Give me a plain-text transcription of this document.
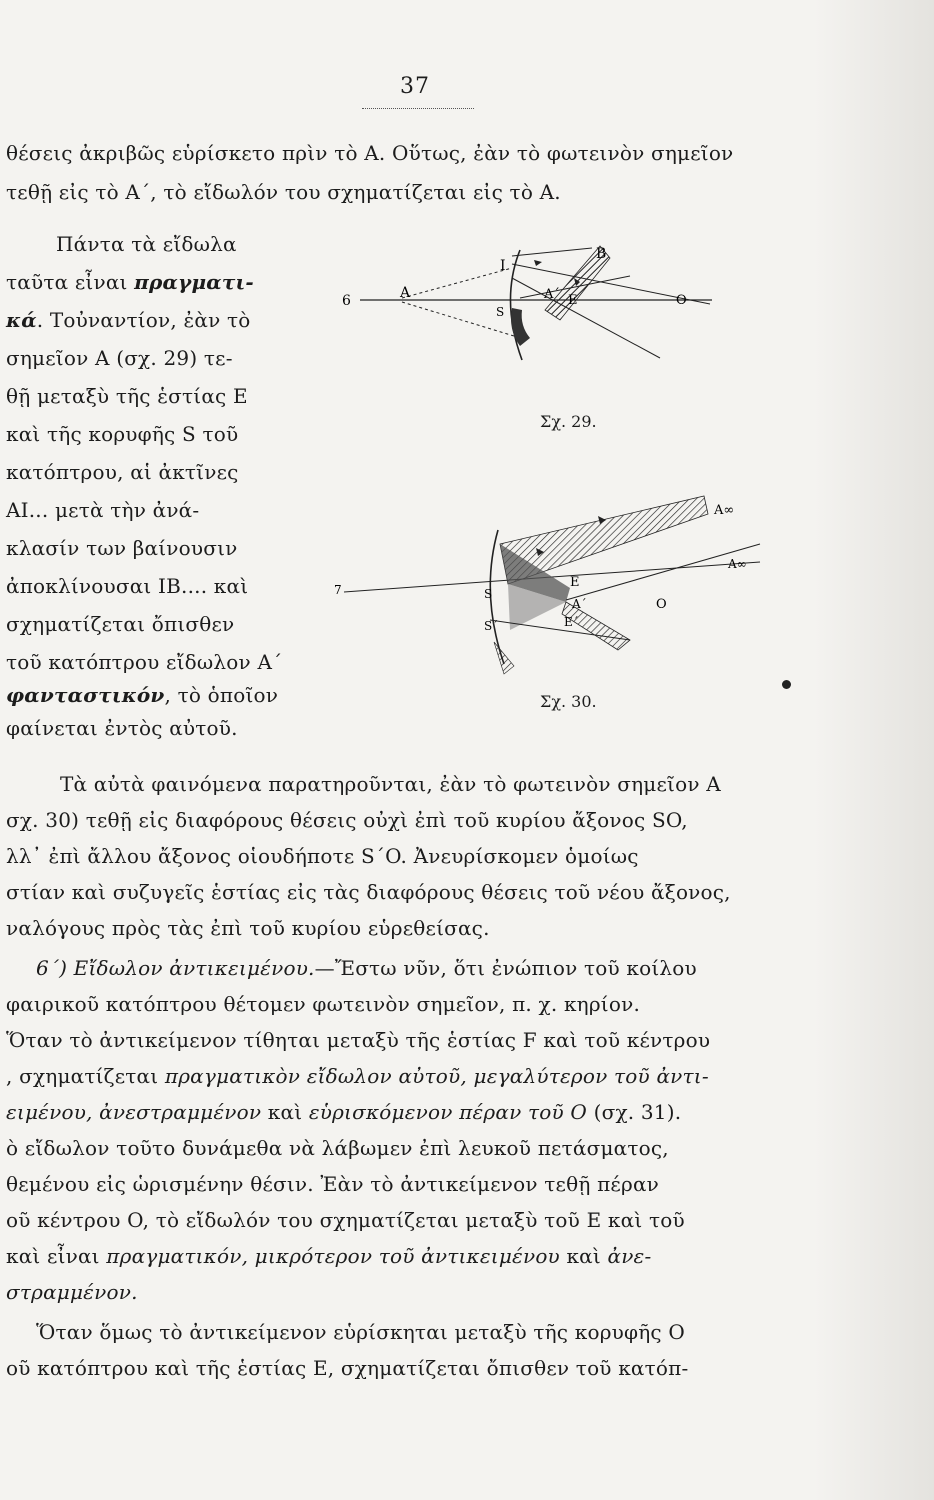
37

θέσεις ἀκριβῶς εὑρίσκετο πρὶν τὸ A. Οὕτως, ἐὰν τὸ φωτεινὸν σημεῖον

τεθῇ εἰς τὸ A΄, τὸ εἴδωλόν του σχηματίζεται εἰς τὸ A.

Πάντα τὰ εἴδωλα

ταῦτα εἶναι πραγματι-

κά. Τοὐναντίον, ἐὰν τὸ

σημεῖον A (σχ. 29) τε-

θῇ μεταξὺ τῆς ἑστίας E

καὶ τῆς κορυφῆς S τοῦ

κατόπτρου, αἱ ἀκτῖνες

AI... μετὰ τὴν ἀνά-

κλασίν των βαίνουσιν

ἀποκλίνουσαι IB.... καὶ

σχηματίζεται ὄπισθεν

τοῦ κατόπτρου εἴδωλον A΄

φανταστικόν, τὸ ὁποῖον

φαίνεται ἐντὸς αὐτοῦ.

6	A
I
B
A΄ E	O
S
Σχ. 29.
7
A∞
A∞
E
S
S΄
A΄
E΄
O
Σχ. 30.

Τὰ αὐτὰ φαινόμενα παρατηροῦνται, ἐὰν τὸ φωτεινὸν σημεῖον A

σχ. 30) τεθῇ εἰς διαφόρους θέσεις οὐχὶ ἐπὶ τοῦ κυρίου ἄξονος SO,

λλ᾽ ἐπὶ ἄλλου ἄξονος οἱουδήποτε S΄O. Ἀνευρίσκομεν ὁμοίως

στίαν καὶ συζυγεῖς ἑστίας εἰς τὰς διαφόρους θέσεις τοῦ νέου ἄξονος,

ναλόγους πρὸς τὰς ἐπὶ τοῦ κυρίου εὑρεθείσας.

6΄) Εἴδωλον ἀντικειμένου.—Ἔστω νῦν, ὅτι ἐνώπιον τοῦ κοίλου

φαιρικοῦ κατόπτρου θέτομεν φωτεινὸν σημεῖον, π. χ. κηρίον.

Ὅταν τὸ ἀντικείμενον τίθηται μεταξὺ τῆς ἑστίας F καὶ τοῦ κέντρου

, σχηματίζεται πραγματικὸν εἴδωλον αὐτοῦ, μεγαλύτερον τοῦ ἀντι-

ειμένου, ἀνεστραμμένον καὶ εὑρισκόμενον πέραν τοῦ O (σχ. 31).

ὸ εἴδωλον τοῦτο δυνάμεθα νὰ λάβωμεν ἐπὶ λευκοῦ πετάσματος,

θεμένου εἰς ὡρισμένην θέσιν. Ἐὰν τὸ ἀντικείμενον τεθῇ πέραν

οῦ κέντρου O, τὸ εἴδωλόν του σχηματίζεται μεταξὺ τοῦ E καὶ τοῦ

καὶ εἶναι πραγματικόν, μικρότερον τοῦ ἀντικειμένου καὶ ἀνε-

στραμμένον.

Ὅταν ὅμως τὸ ἀντικείμενον εὑρίσκηται μεταξὺ τῆς κορυφῆς O

οῦ κατόπτρου καὶ τῆς ἑστίας E, σχηματίζεται ὄπισθεν τοῦ κατόπ-
